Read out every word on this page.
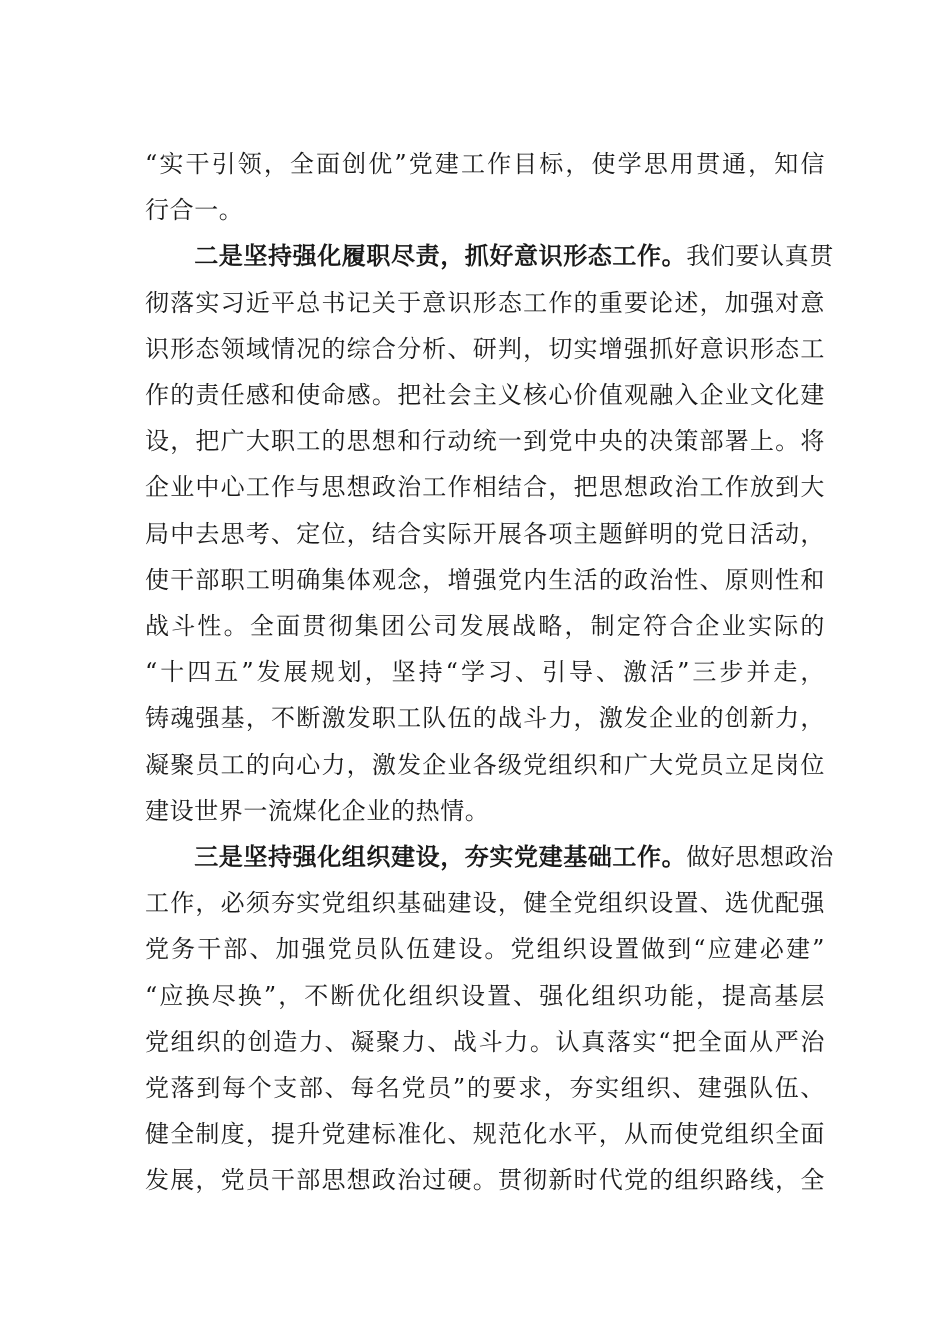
“实干引领，全面创优”党建工作目标，使学思用贯通，知信
行合一。

　　二是坚持强化履职尽责，抓好意识形态工作。我们要认真贯
彻落实习近平总书记关于意识形态工作的重要论述，加强对意
识形态领域情况的综合分析、研判，切实增强抓好意识形态工
作的责任感和使命感。把社会主义核心价值观融入企业文化建
设，把广大职工的思想和行动统一到党中央的决策部署上。将
企业中心工作与思想政治工作相结合，把思想政治工作放到大
局中去思考、定位，结合实际开展各项主题鲜明的党日活动，
使干部职工明确集体观念，增强党内生活的政治性、原则性和
战斗性。全面贯彻集团公司发展战略，制定符合企业实际的
“十四五”发展规划，坚持“学习、引导、激活”三步并走，
铸魂强基，不断激发职工队伍的战斗力，激发企业的创新力，
凝聚员工的向心力，激发企业各级党组织和广大党员立足岗位
建设世界一流煤化企业的热情。

　　三是坚持强化组织建设，夯实党建基础工作。做好思想政治
工作，必须夯实党组织基础建设，健全党组织设置、选优配强
党务干部、加强党员队伍建设。党组织设置做到“应建必建”
“应换尽换”，不断优化组织设置、强化组织功能，提高基层
党组织的创造力、凝聚力、战斗力。认真落实“把全面从严治
党落到每个支部、每名党员”的要求，夯实组织、建强队伍、
健全制度，提升党建标准化、规范化水平，从而使党组织全面
发展，党员干部思想政治过硬。贯彻新时代党的组织路线，全
